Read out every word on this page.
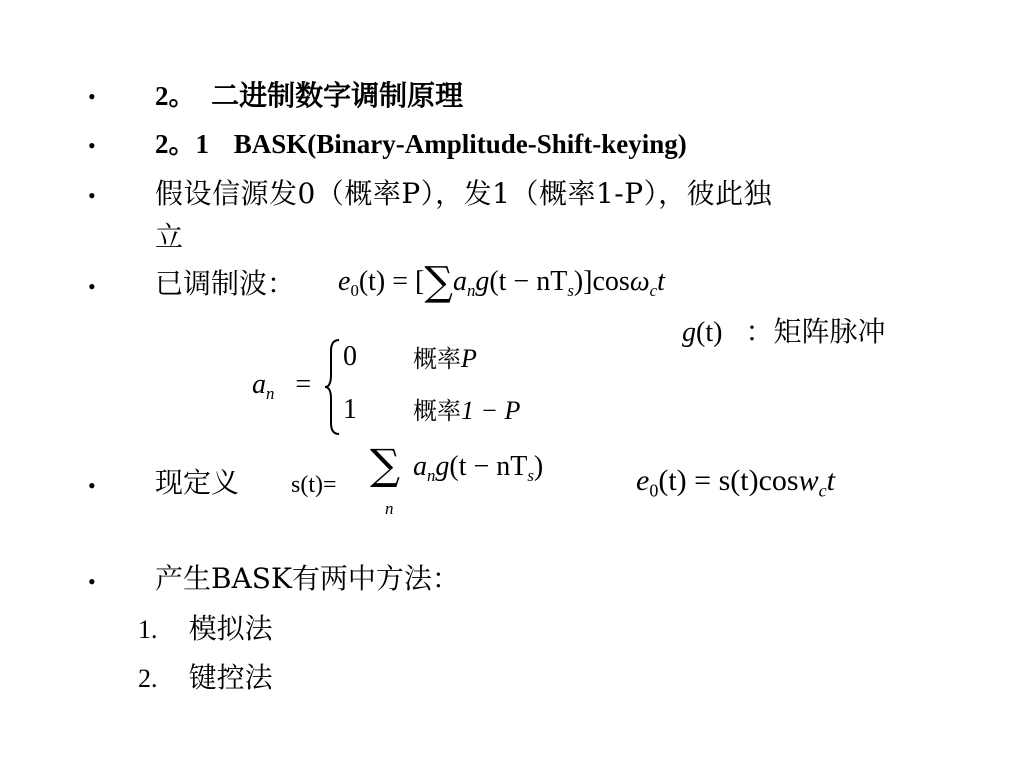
• 2。 二进制数字调制原理
• 2。1 BASK(Binary-Amplitude-Shift-keying)
• 假设信源发0（概率P），发1（概率1-P），彼此独
立
• 已调制波： $e_0(t) = [\sum a_ng(t - nT_s)]\cos\omega_ct$
g(t) ：矩阵脉冲
$a_n$ =
0 概率P
1 概率1 − P
• 现定义 s(t)= ∑
n
$a_ng(t - nT_s)$	$e_0(t) = s(t)\cos w_ct$
• 产生BASK有两中方法：
1. 模拟法
2. 键控法
